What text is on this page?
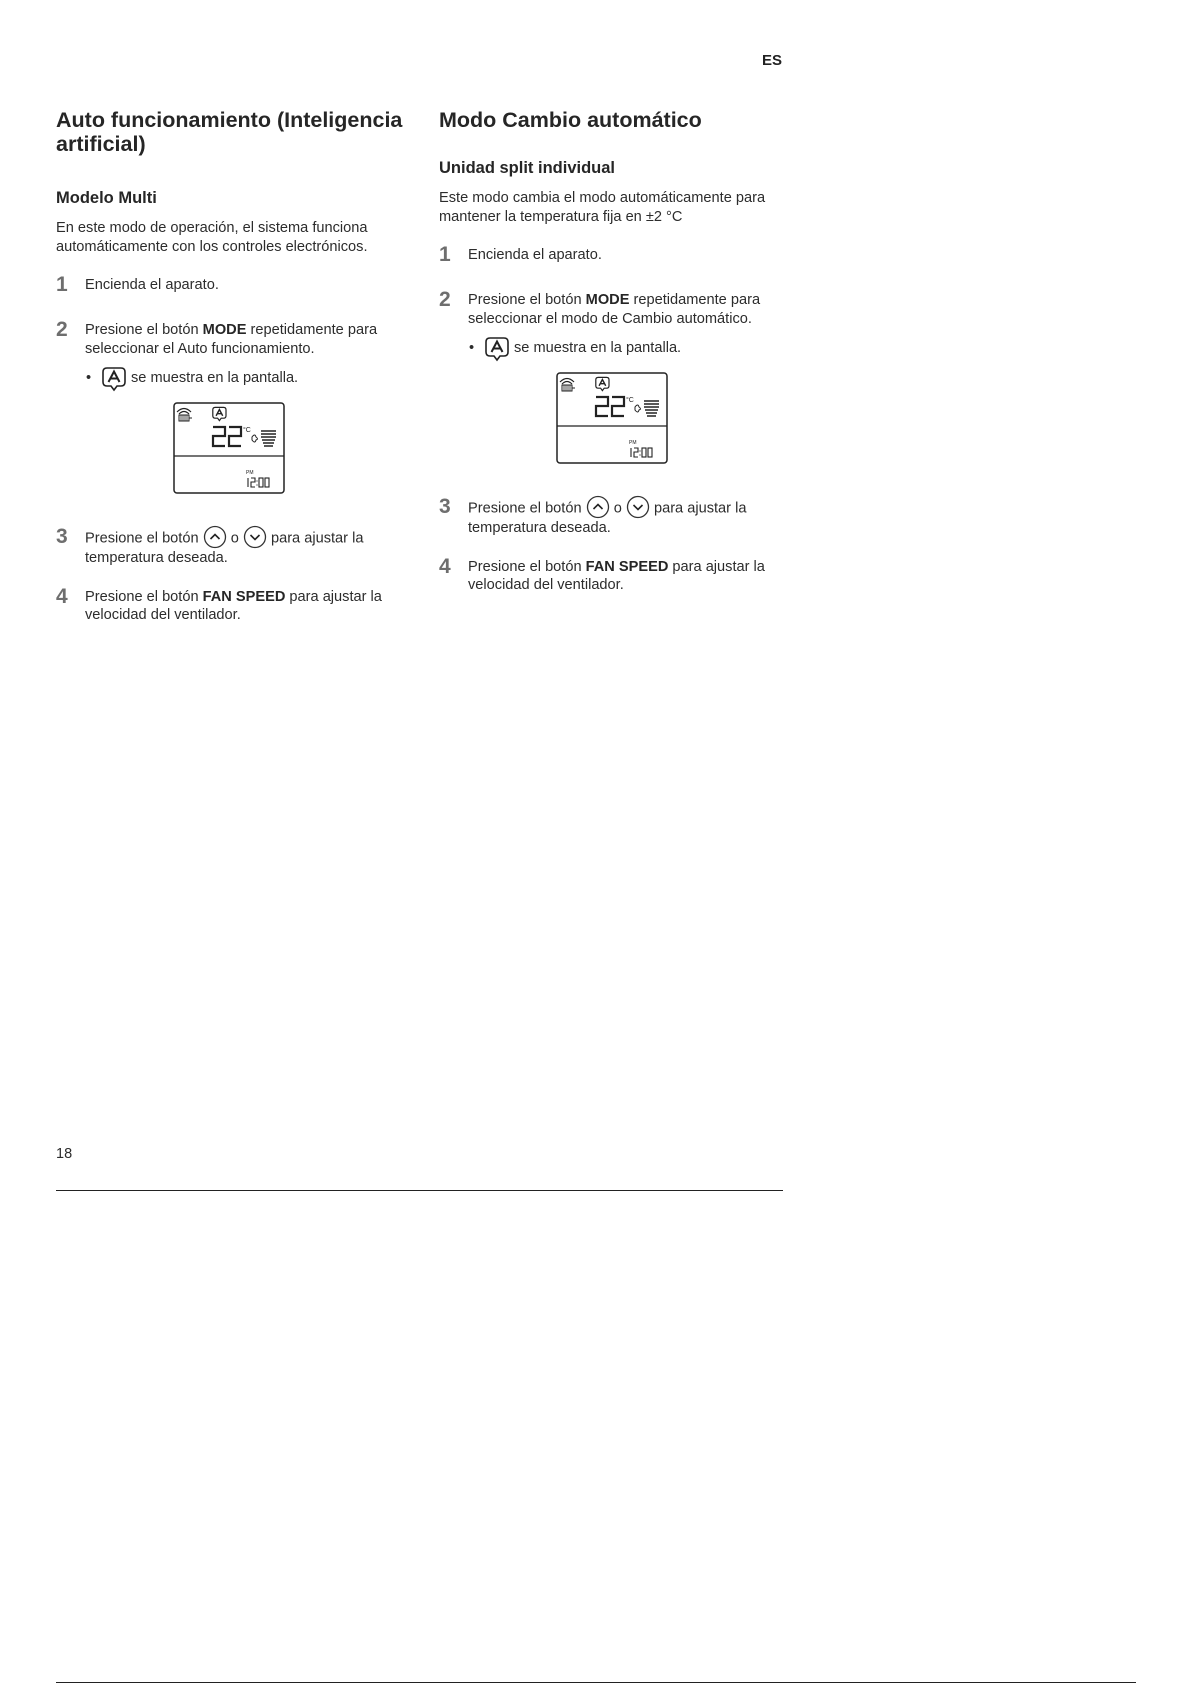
ES
Auto funcionamiento (Inteligencia artificial)
Modelo Multi

En este modo de operación, el sistema funciona automáticamente con los controles electrónicos.

1	Encienda el aparato.
2	Presione el botón MODE repetidamente para seleccionar el Auto funcionamiento.
•	se muestra en la pantalla.
3	Presione el botón o para ajustar la temperatura deseada.
4	Presione el botón FAN SPEED para ajustar la velocidad del ventilador.
Modo Cambio automático
Unidad split individual

Este modo cambia el modo automáticamente para mantener la temperatura fija en ±2 °C

1	Encienda el aparato.
2	Presione el botón MODE repetidamente para seleccionar el modo de Cambio automático.
•	se muestra en la pantalla.
3	Presione el botón o para ajustar la temperatura deseada.
4	Presione el botón FAN SPEED para ajustar la velocidad del ventilador.
18
